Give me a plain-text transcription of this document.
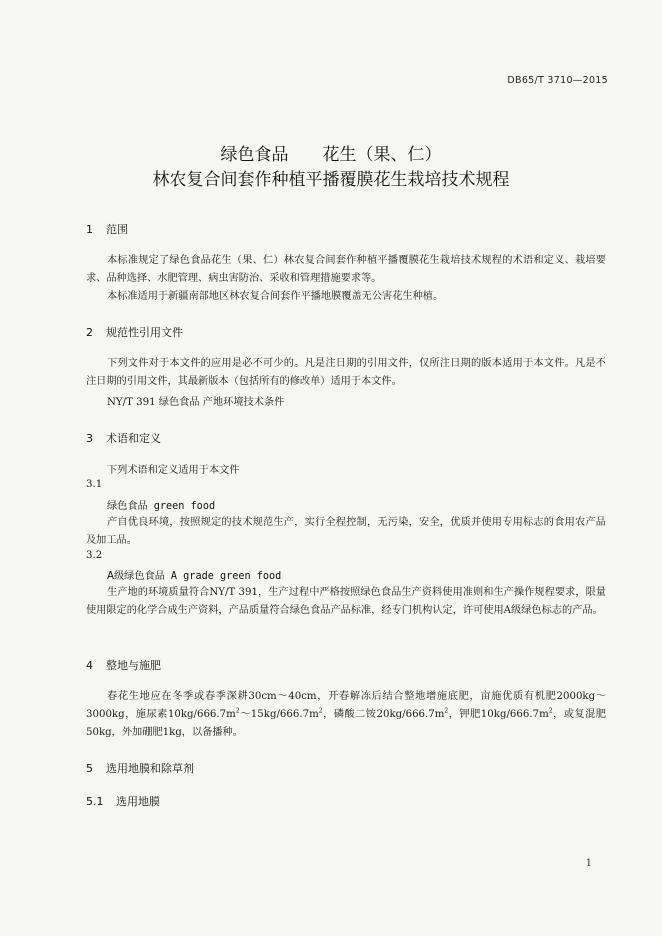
DB65/T 3710—2015
绿色食品　　花生（果、仁）
林农复合间套作种植平播覆膜花生栽培技术规程
1 范围
本标准规定了绿色食品花生（果、仁）林农复合间套作种植平播覆膜花生栽培技术规程的术语和定义、栽培要求、品种选择、水肥管理、病虫害防治、采收和管理措施要求等。
本标准适用于新疆南部地区林农复合间套作平播地膜覆盖无公害花生种植。
2 规范性引用文件
下列文件对于本文件的应用是必不可少的。凡是注日期的引用文件，仅所注日期的版本适用于本文件。凡是不注日期的引用文件，其最新版本（包括所有的修改单）适用于本文件。
NY/T 391 绿色食品 产地环境技术条件
3 术语和定义
下列术语和定义适用于本文件
3.1
绿色食品 green food
产自优良环境，按照规定的技术规范生产，实行全程控制，无污染，安全，优质并使用专用标志的食用农产品及加工品。
3.2
A级绿色食品 A grade green food
生产地的环境质量符合NY/T 391，生产过程中严格按照绿色食品生产资料使用准则和生产操作规程要求，限量使用限定的化学合成生产资料，产品质量符合绿色食品产品标准，经专门机构认定，许可使用A级绿色标志的产品。
4 整地与施肥
春花生地应在冬季或春季深耕30cm～40cm，开春解冻后结合整地增施底肥，亩施优质有机肥2000kg～3000kg，施尿素$10kg/666.7m^2\sim 15kg/666.7m^2$，磷酸二铵$20kg/666.7m^2$，钾肥$10kg/666.7m^2$，或复混肥50kg，外加硼肥1kg，以备播种。
5 选用地膜和除草剂
5.1 选用地膜
1
